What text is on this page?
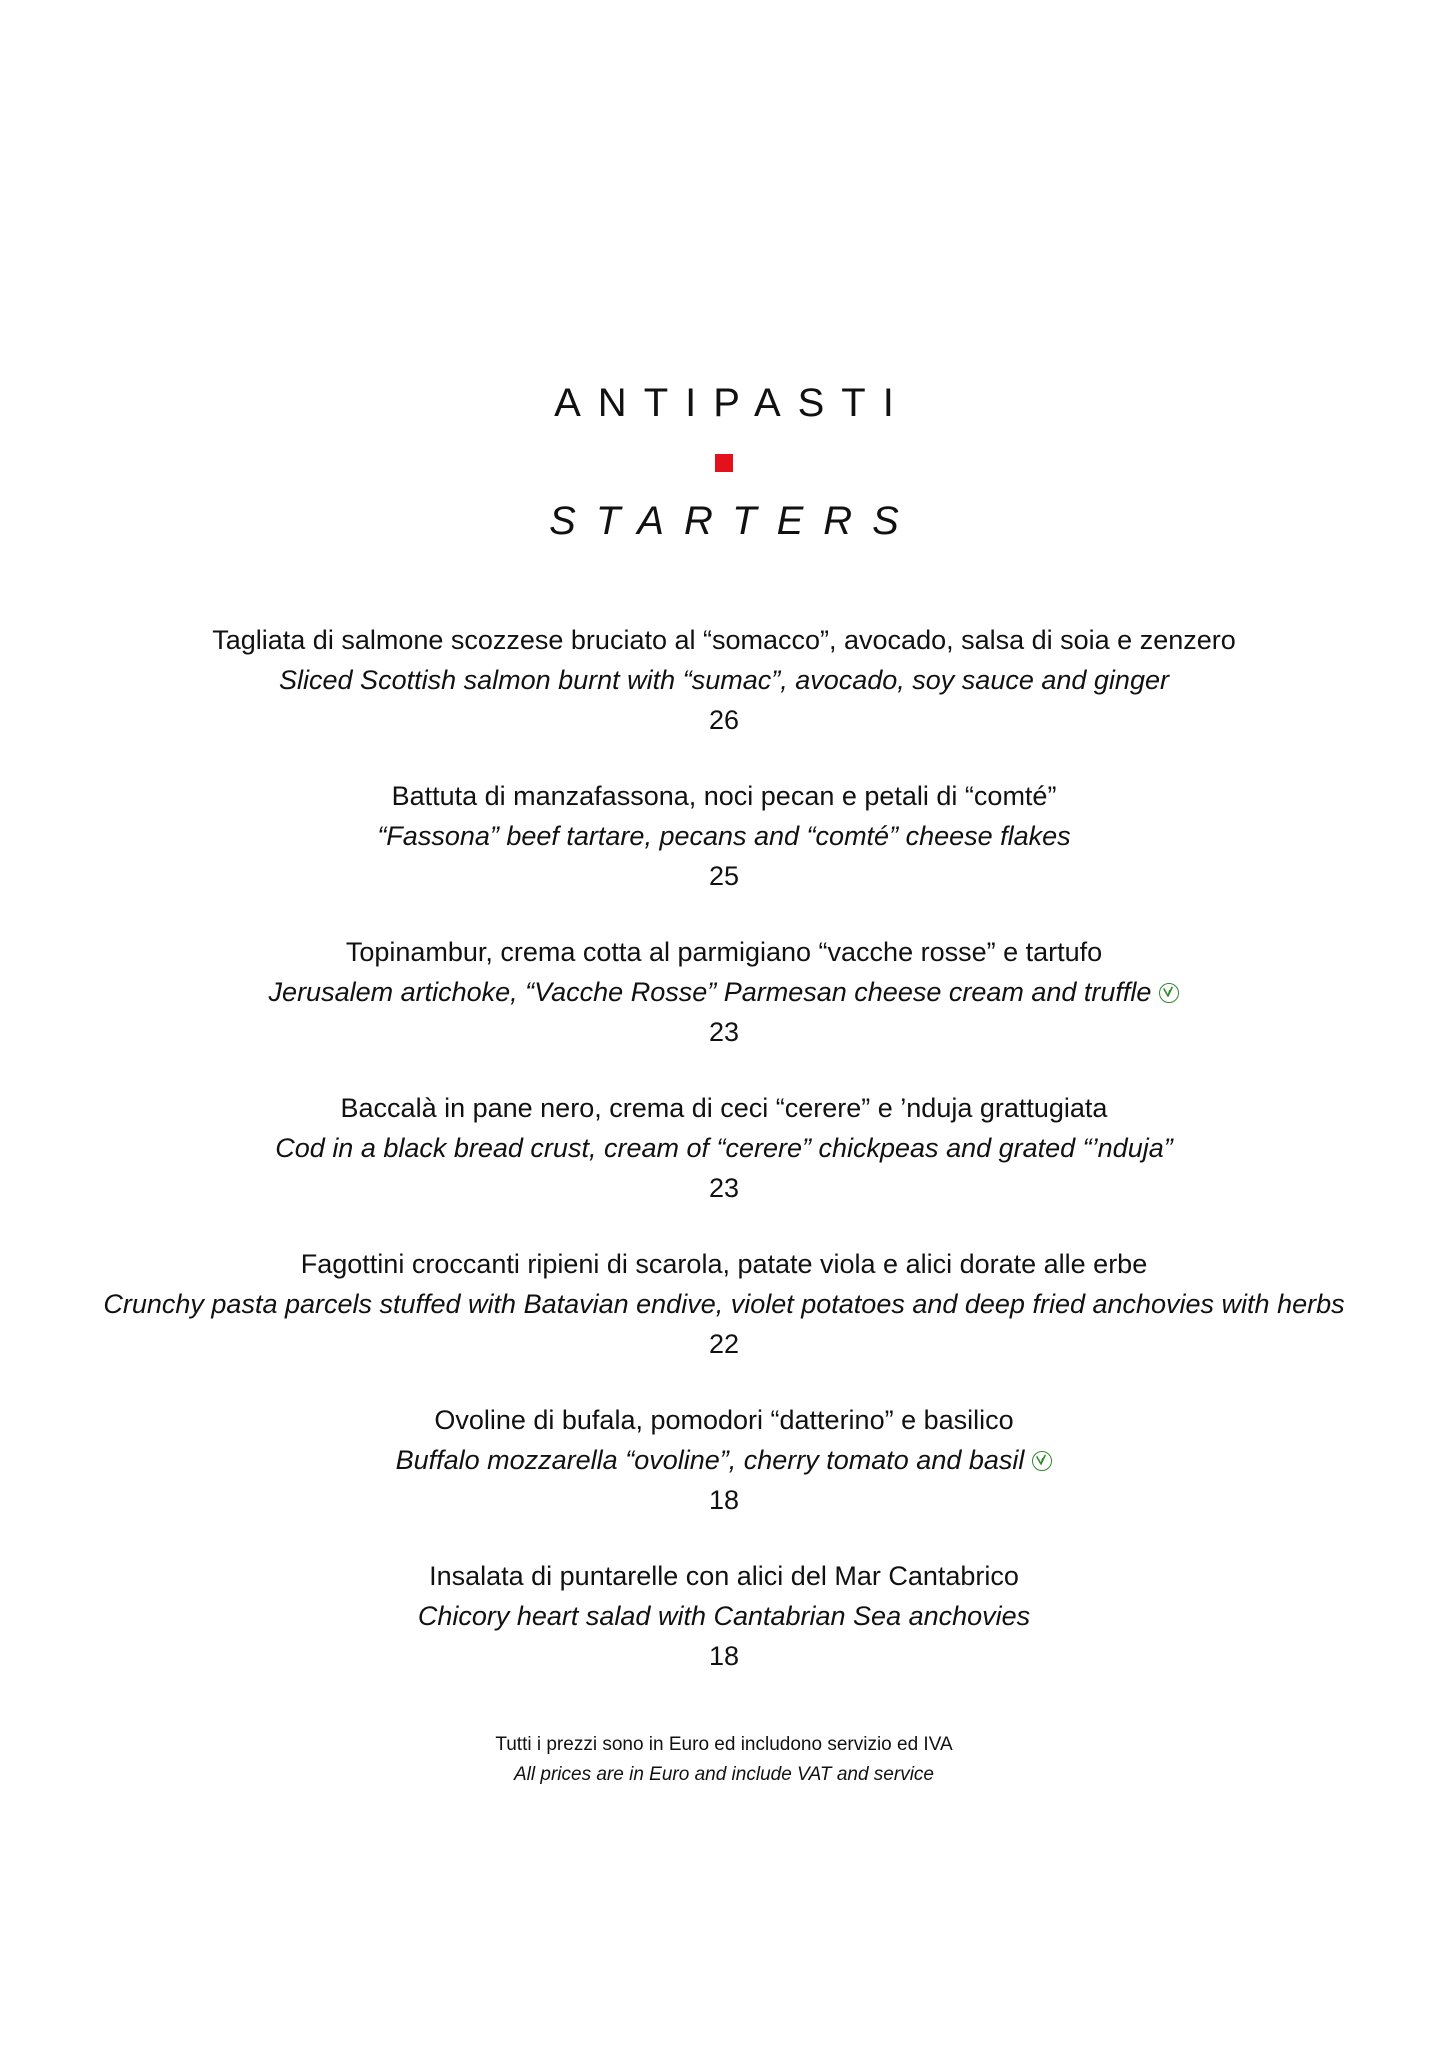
ANTIPASTI
STARTERS
Tagliata di salmone scozzese bruciato al “somacco”, avocado, salsa di soia e zenzero
Sliced Scottish salmon burnt with “sumac”, avocado, soy sauce and ginger
26
Battuta di manzafassona, noci pecan e petali di “comté”
“Fassona” beef tartare, pecans and “comté” cheese flakes
25
Topinambur, crema cotta al parmigiano “vacche rosse” e tartufo
Jerusalem artichoke, “Vacche Rosse” Parmesan cheese cream and truffle
23
Baccalà in pane nero, crema di ceci “cerere” e ’nduja grattugiata
Cod in a black bread crust, cream of “cerere” chickpeas and grated “’nduja”
23
Fagottini croccanti ripieni di scarola, patate viola e alici dorate alle erbe
Crunchy pasta parcels stuffed with Batavian endive, violet potatoes and deep fried anchovies with herbs
22
Ovoline di bufala, pomodori “datterino” e basilico
Buffalo mozzarella “ovoline”, cherry tomato and basil
18
Insalata di puntarelle con alici del Mar Cantabrico
Chicory heart salad with Cantabrian Sea anchovies
18
Tutti i prezzi sono in Euro ed includono servizio ed IVA
All prices are in Euro and include VAT and service
